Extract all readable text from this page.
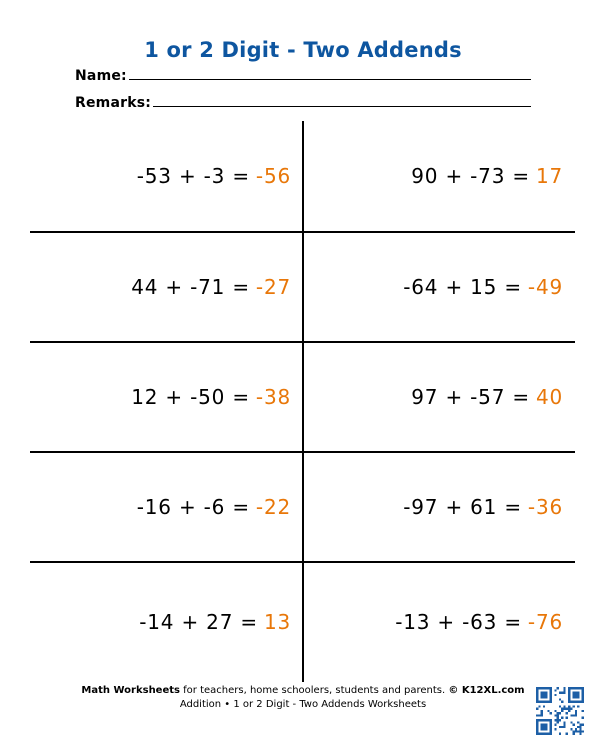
1 or 2 Digit - Two Addends
Name:
Remarks:
-53 + -3 = -56	90 + -73 = 17
44 + -71 = -27	-64 + 15 = -49
12 + -50 = -38	97 + -57 = 40
-16 + -6 = -22	-97 + 61 = -36
-14 + 27 = 13	-13 + -63 = -76
Math Worksheets for teachers, home schoolers, students and parents. © K12XL.com
Addition • 1 or 2 Digit - Two Addends Worksheets
